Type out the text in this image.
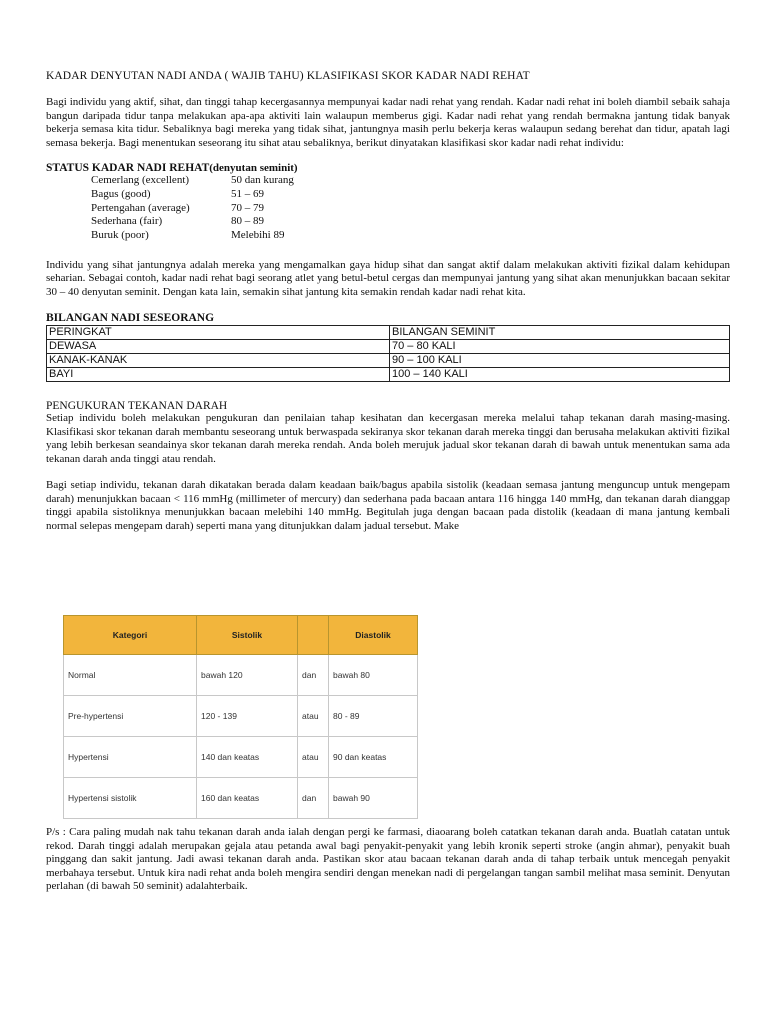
KADAR DENYUTAN NADI ANDA ( WAJIB TAHU) KLASIFIKASI SKOR KADAR NADI REHAT

Bagi individu yang aktif, sihat, dan tinggi tahap kecergasannya mempunyai kadar nadi rehat yang rendah. Kadar nadi rehat ini boleh diambil sebaik sahaja bangun daripada tidur tanpa melakukan apa-apa aktiviti lain walaupun memberus gigi. Kadar nadi rehat yang rendah bermakna jantung tidak banyak bekerja semasa kita tidur. Sebaliknya bagi mereka yang tidak sihat, jantungnya masih perlu bekerja keras walaupun sedang berehat dan tidur, apatah lagi semasa bekerja. Bagi menentukan seseorang itu sihat atau sebaliknya, berikut dinyatakan klasifikasi skor kadar nadi rehat individu:

STATUS KADAR NADI REHAT(denyutan seminit)
Cemerlang (excellent)	50 dan kurang
Bagus (good)	51 – 69
Pertengahan (average)	70 – 79
Sederhana (fair)	80 – 89
Buruk (poor)	Melebihi 89

Individu yang sihat jantungnya adalah mereka yang mengamalkan gaya hidup sihat dan sangat aktif dalam melakukan aktiviti fizikal dalam kehidupan seharian. Sebagai contoh, kadar nadi rehat bagi seorang atlet yang betul-betul cergas dan mempunyai jantung yang sihat akan menunjukkan bacaan sekitar 30 – 40 denyutan seminit. Dengan kata lain, semakin sihat jantung kita semakin rendah kadar nadi rehat kita.

BILANGAN NADI SESEORANG
PERINGKAT	BILANGAN SEMINIT
DEWASA	70 – 80 KALI
KANAK-KANAK	90 – 100 KALI
BAYI	100 – 140 KALI
PENGUKURAN TEKANAN DARAH

Setiap individu boleh melakukan pengukuran dan penilaian tahap kesihatan dan kecergasan mereka melalui tahap tekanan darah masing-masing. Klasifikasi skor tekanan darah membantu seseorang untuk berwaspada sekiranya skor tekanan darah mereka tinggi dan berusaha melakukan aktiviti fizikal yang lebih berkesan seandainya skor tekanan darah mereka rendah. Anda boleh merujuk jadual skor tekanan darah di bawah untuk menentukan sama ada tekanan darah anda tinggi atau rendah.

Bagi setiap individu, tekanan darah dikatakan berada dalam keadaan baik/bagus apabila sistolik (keadaan semasa jantung menguncup untuk mengepam darah) menunjukkan bacaan < 116 mmHg (millimeter of mercury) dan sederhana pada bacaan antara 116 hingga 140 mmHg, dan tekanan darah dianggap tinggi apabila sistoliknya menunjukkan bacaan melebihi 140 mmHg. Begitulah juga dengan bacaan pada distolik (keadaan di mana jantung kembali normal selepas mengepam darah) seperti mana yang ditunjukkan dalam jadual tersebut. Make

Kategori	Sistolik		Diastolik
Normal	bawah 120	dan	bawah 80
Pre-hypertensi	120 - 139	atau	80 - 89
Hypertensi	140 dan keatas	atau	90 dan keatas
Hypertensi sistolik	160 dan keatas	dan	bawah 90

P/s : Cara paling mudah nak tahu tekanan darah anda ialah dengan pergi ke farmasi, diaoarang boleh catatkan tekanan darah anda. Buatlah catatan untuk rekod. Darah tinggi adalah merupakan gejala atau petanda awal bagi penyakit-penyakit yang lebih kronik seperti stroke (angin ahmar), penyakit buah pinggang dan sakit jantung. Jadi awasi tekanan darah anda. Pastikan skor atau bacaan tekanan darah anda di tahap terbaik untuk mencegah penyakit merbahaya tersebut. Untuk kira nadi rehat anda boleh mengira sendiri dengan menekan nadi di pergelangan tangan sambil melihat masa seminit. Denyutan perlahan (di bawah 50 seminit) adalahterbaik.
